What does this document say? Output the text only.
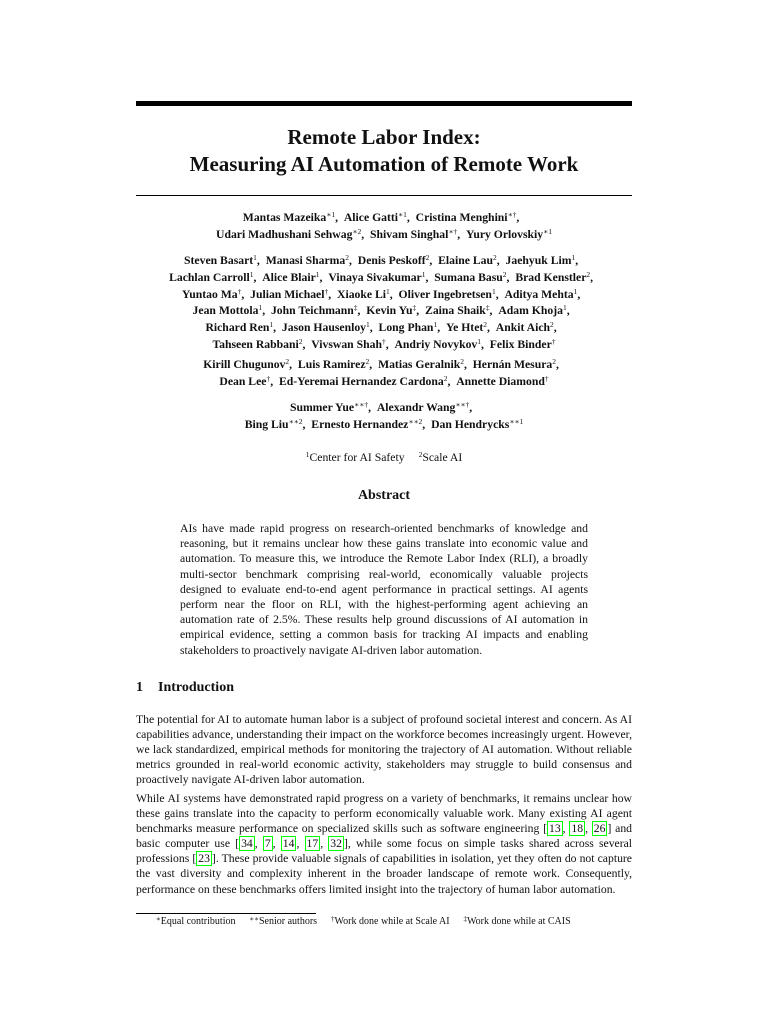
Remote Labor Index:
Measuring AI Automation of Remote Work
Mantas Mazeika$^{∗1}$,  Alice Gatti$^{∗1}$,  Cristina Menghini∗†,
Udari Madhushani Sehwag$^{∗2}$,  Shivam Singhal∗†,  Yury Orlovskiy$^{∗1}$
Steven Basart$^1$,  Manasi Sharma$^2$,  Denis Peskoff$^2$,  Elaine Lau$^2$,  Jaehyuk Lim$^1$,
Lachlan Carroll$^1$,  Alice Blair$^1$,  Vinaya Sivakumar$^1$,  Sumana Basu$^2$,  Brad Kenstler$^2$,
Yuntao Ma†,  Julian Michael†,  Xiaoke Li$^1$,  Oliver Ingebretsen$^1$,  Aditya Mehta$^1$,
Jean Mottola$^1$,  John Teichmann‡,  Kevin Yu‡,  Zaina Shaik‡,  Adam Khoja$^1$,
Richard Ren$^1$,  Jason Hausenloy$^1$,  Long Phan$^1$,  Ye Htet$^2$,  Ankit Aich$^2$,
Tahseen Rabbani$^2$,  Vivswan Shah†,  Andriy Novykov$^1$,  Felix Binder†
Kirill Chugunov$^2$,  Luis Ramirez$^2$,  Matias Geralnik$^2$,  Hernán Mesura$^2$,
Dean Lee†,  Ed-Yeremai Hernandez Cardona$^2$,  Annette Diamond†
Summer Yue∗∗†,  Alexandr Wang∗∗†,
Bing Liu$^{∗∗2}$,  Ernesto Hernandez$^{∗∗2}$,  Dan Hendrycks$^{∗∗1}$
$^1$Center for AI Safety $^2$Scale AI
Abstract
AIs have made rapid progress on research-oriented benchmarks of knowledge and reasoning, but it remains unclear how these gains translate into economic value and automation. To measure this, we introduce the Remote Labor Index (RLI), a broadly multi-sector benchmark comprising real-world, economically valuable projects designed to evaluate end-to-end agent performance in practical settings. AI agents perform near the floor on RLI, with the highest-performing agent achieving an automation rate of 2.5%. These results help ground discussions of AI automation in empirical evidence, setting a common basis for tracking AI impacts and enabling stakeholders to proactively navigate AI-driven labor automation.
1 Introduction
The potential for AI to automate human labor is a subject of profound societal interest and concern. As AI capabilities advance, understanding their impact on the workforce becomes increasingly urgent. However, we lack standardized, empirical methods for monitoring the trajectory of AI automation. Without reliable metrics grounded in real-world economic activity, stakeholders may struggle to build consensus and proactively navigate AI-driven labor automation.
While AI systems have demonstrated rapid progress on a variety of benchmarks, it remains unclear how these gains translate into the capacity to perform economically valuable work. Many existing AI agent benchmarks measure performance on specialized skills such as software engineering [ 13 , 18 , 26 ] and basic computer use [ 34 , 7 , 14 , 17 , 32 ], while some focus on simple tasks shared across several professions [ 23 ]. These provide valuable signals of capabilities in isolation, yet they often do not capture the vast diversity and complexity inherent in the broader landscape of remote work. Consequently, performance on these benchmarks offers limited insight into the trajectory of human labor automation.
∗Equal contribution ∗∗Senior authors †Work done while at Scale AI ‡Work done while at CAIS
